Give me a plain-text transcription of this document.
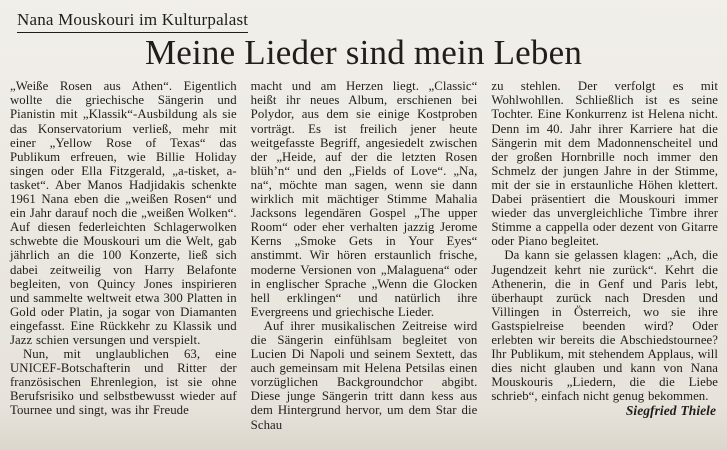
Nana Mouskouri im Kulturpalast
Meine Lieder sind mein Leben

„Weiße Rosen aus Athen“. Eigentlich wollte die griechische Sängerin und Pianistin mit „Klassik“-Ausbildung als sie das Konservatorium verließ, mehr mit einer „Yellow Rose of Texas“ das Publikum erfreuen, wie Billie Holiday singen oder Ella Fitzgerald, „a-tisket, a-tasket“. Aber Manos Hadjidakis schenkte 1961 Nana eben die „weißen Rosen“ und ein Jahr darauf noch die „weißen Wolken“. Auf diesen federleichten Schlagerwolken schwebte die Mouskouri um die Welt, gab jährlich an die 100 Konzerte, ließ sich dabei zeitweilig von Harry Belafonte begleiten, von Quincy Jones inspirieren und sammelte weltweit etwa 300 Platten in Gold oder Platin, ja sogar von Diamanten eingefasst. Eine Rückkehr zu Klassik und Jazz schien versungen und verspielt.

Nun, mit unglaublichen 63, eine UNICEF-Botschafterin und Ritter der französischen Ehrenlegion, ist sie ohne Berufsrisiko und selbstbewusst wieder auf Tournee und singt, was ihr Freude

macht und am Herzen liegt. „Classic“ heißt ihr neues Album, erschienen bei Polydor, aus dem sie einige Kostproben vorträgt. Es ist freilich jener heute weitgefasste Begriff, angesiedelt zwischen der „Heide, auf der die letzten Rosen blüh’n“ und den „Fields of Love“. „Na, na“, möchte man sagen, wenn sie dann wirklich mit mächtiger Stimme Mahalia Jacksons legendären Gospel „The upper Room“ oder eher verhalten jazzig Jerome Kerns „Smoke Gets in Your Eyes“ anstimmt. Wir hören erstaunlich frische, moderne Versionen von „Malaguena“ oder in englischer Sprache „Wenn die Glocken hell erklingen“ und natürlich ihre Evergreens und griechische Lieder.

Auf ihrer musikalischen Zeitreise wird die Sängerin einfühlsam begleitet von Lucien Di Napoli und seinem Sextett, das auch gemeinsam mit Helena Petsilas einen vorzüglichen Backgroundchor abgibt. Diese junge Sängerin tritt dann kess aus dem Hintergrund hervor, um dem Star die Schau

zu stehlen. Der verfolgt es mit Wohlwohllen. Schließlich ist es seine Tochter. Eine Konkurrenz ist Helena nicht. Denn im 40. Jahr ihrer Karriere hat die Sängerin mit dem Madonnenscheitel und der großen Hornbrille noch immer den Schmelz der jungen Jahre in der Stimme, mit der sie in erstaunliche Höhen klettert. Dabei präsentiert die Mouskouri immer wieder das unvergleichliche Timbre ihrer Stimme a cappella oder dezent von Gitarre oder Piano begleitet.

Da kann sie gelassen klagen: „Ach, die Jugendzeit kehrt nie zurück“. Kehrt die Athenerin, die in Genf und Paris lebt, überhaupt zurück nach Dresden und Villingen in Österreich, wo sie ihre Gastspielreise beenden wird? Oder erlebten wir bereits die Abschiedstournee? Ihr Publikum, mit stehendem Applaus, will dies nicht glauben und kann von Nana Mouskouris „Liedern, die die Liebe schrieb“, einfach nicht genug bekommen.

Siegfried Thiele
